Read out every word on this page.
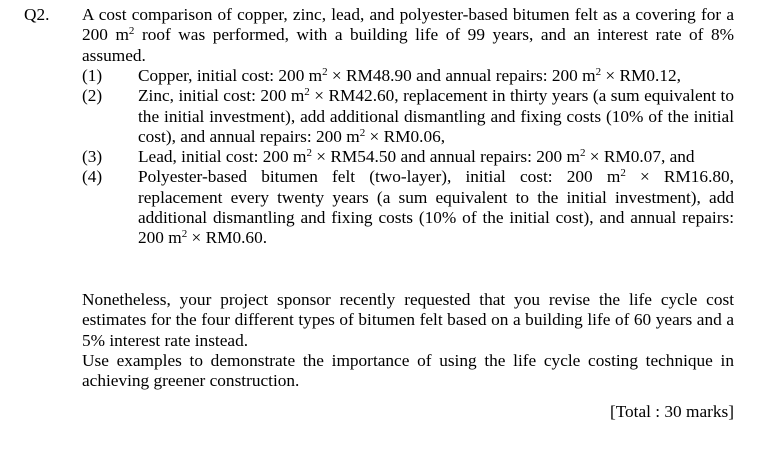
Q2. A cost comparison of copper, zinc, lead, and polyester-based bitumen felt as a covering for a 200 $m^2$ roof was performed, with a building life of 99 years, and an interest rate of 8% assumed.
(1) Copper, initial cost: 200 $m^2 \times RM48.90$ and annual repairs: 200 $m^2 \times RM0.12$,
(2) Zinc, initial cost: 200 $m^2 \times RM42.60$, replacement in thirty years (a sum equivalent to the initial investment), add additional dismantling and fixing costs (10% of the initial cost), and annual repairs: 200 $m^2 \times RM0.06$,
(3) Lead, initial cost: 200 $m^2 \times RM54.50$ and annual repairs: 200 $m^2 \times RM0.07$, and
(4) Polyester-based bitumen felt (two-layer), initial cost: 200 $m^2 \times RM16.80$, replacement every twenty years (a sum equivalent to the initial investment), add additional dismantling and fixing costs (10% of the initial cost), and annual repairs: 200 $m^2 \times RM0.60$.
Nonetheless, your project sponsor recently requested that you revise the life cycle cost estimates for the four different types of bitumen felt based on a building life of 60 years and a 5% interest rate instead.
Use examples to demonstrate the importance of using the life cycle costing technique in achieving greener construction.
[Total : 30 marks]
